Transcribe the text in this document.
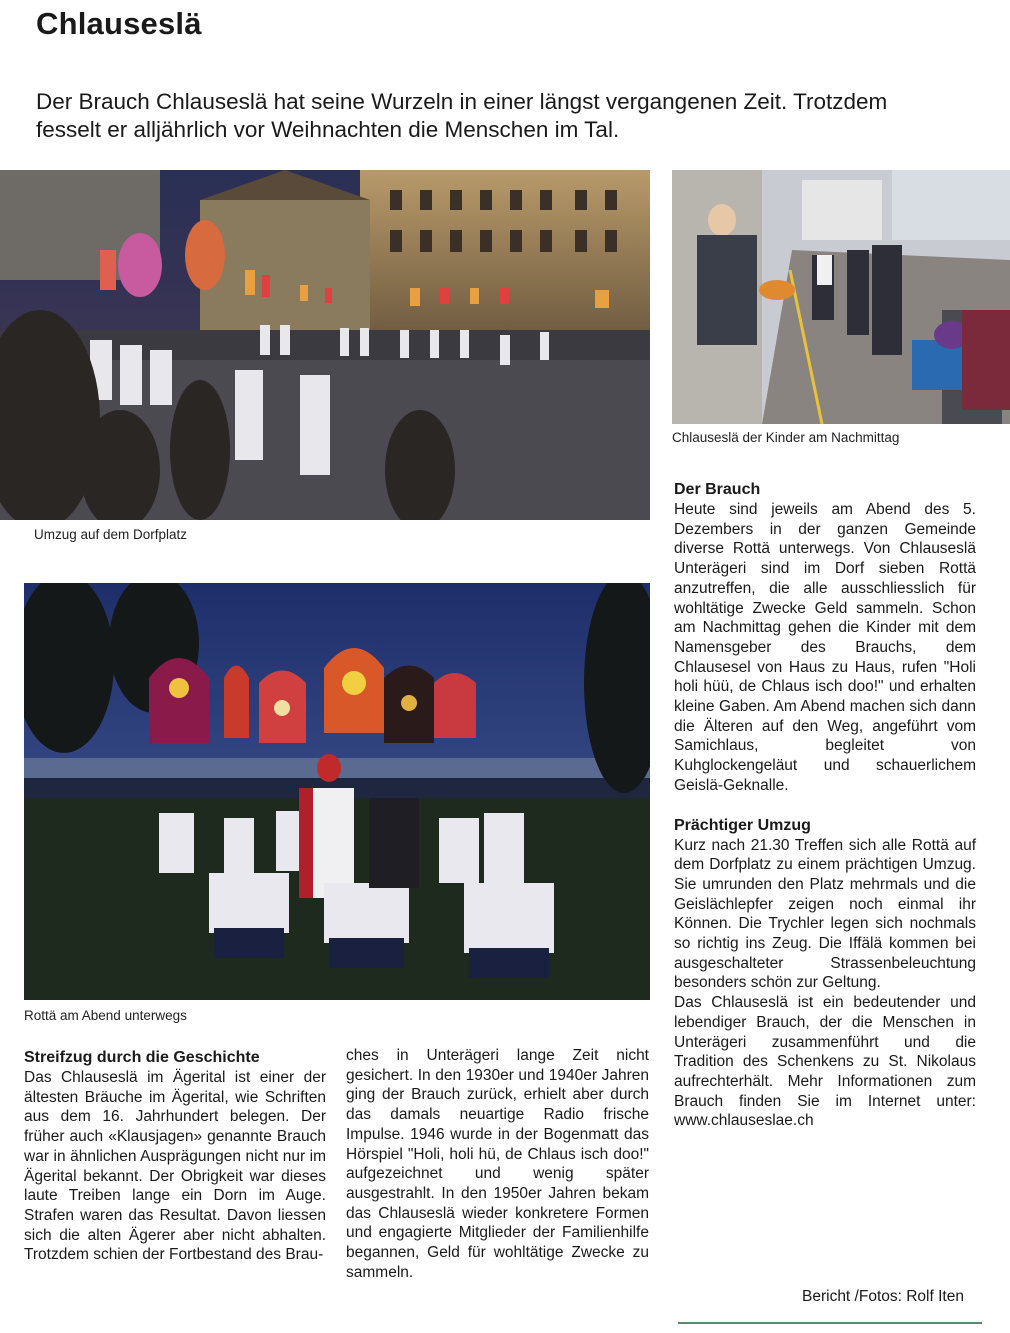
Chlauseslä

Der Brauch Chlauseslä hat seine Wurzeln in einer längst vergangenen Zeit. Trotzdem fesselt er alljährlich vor Weihnachten die Menschen im Tal.

Umzug auf dem Dorfplatz
Chlauseslä der Kinder am Nachmittag
Rottä am Abend unterwegs
Streifzug durch die Geschichte

Das Chlauseslä im Ägerital ist einer der ältesten Bräuche im Ägerital, wie Schriften aus dem 16. Jahrhundert belegen. Der früher auch «Klausjagen» genannte Brauch war in ähnlichen Ausprägungen nicht nur im Ägerital bekannt. Der Obrigkeit war dieses laute Treiben lange ein Dorn im Auge. Strafen waren das Resultat. Davon liessen sich die alten Ägerer aber nicht abhalten. Trotzdem schien der Fortbestand des Brau-

ches in Unterägeri lange Zeit nicht gesichert. In den 1930er und 1940er Jahren ging der Brauch zurück, erhielt aber durch das damals neuartige Radio frische Impulse. 1946 wurde in der Bogenmatt das Hörspiel "Holi, holi hü, de Chlaus isch doo!" aufgezeichnet und wenig später ausgestrahlt. In den 1950er Jahren bekam das Chlauseslä wieder konkretere Formen und engagierte Mitglieder der Familienhilfe begannen, Geld für wohltätige Zwecke zu sammeln.

Der Brauch

Heute sind jeweils am Abend des 5. Dezembers in der ganzen Gemeinde diverse Rottä unterwegs. Von Chlauseslä Unterägeri sind im Dorf sieben Rottä anzutreffen, die alle ausschliesslich für wohltätige Zwecke Geld sammeln. Schon am Nachmittag gehen die Kinder mit dem Namensgeber des Brauchs, dem Chlausesel von Haus zu Haus, rufen "Holi holi hüü, de Chlaus isch doo!" und erhalten kleine Gaben. Am Abend machen sich dann die Älteren auf den Weg, angeführt vom Samichlaus, begleitet von Kuhglockengeläut und schauerlichem Geislä-Geknalle.

Prächtiger Umzug

Kurz nach 21.30 Treffen sich alle Rottä auf dem Dorfplatz zu einem prächtigen Umzug. Sie umrunden den Platz mehrmals und die Geislächlepfer zeigen noch einmal ihr Können. Die Trychler legen sich nochmals so richtig ins Zeug. Die Iffälä kommen bei ausgeschalteter Strassenbeleuchtung besonders schön zur Geltung.

Das Chlauseslä ist ein bedeutender und lebendiger Brauch, der die Menschen in Unterägeri zusammenführt und die Tradition des Schenkens zu St. Nikolaus aufrechterhält. Mehr Informationen zum Brauch finden Sie im Internet unter: www.chlauseslae.ch

Bericht /Fotos: Rolf Iten
